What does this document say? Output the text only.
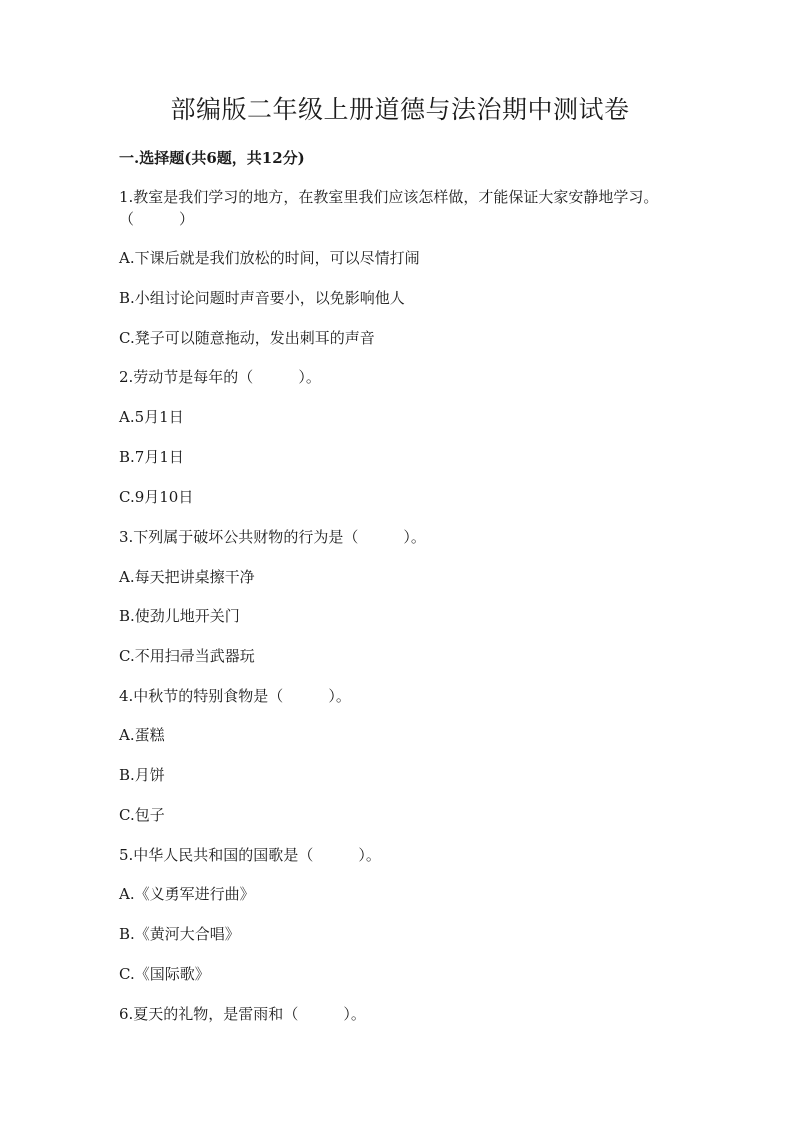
部编版二年级上册道德与法治期中测试卷
一.选择题(共6题，共12分)
1.教室是我们学习的地方，在教室里我们应该怎样做，才能保证大家安静地学习。（　　　）
A.下课后就是我们放松的时间，可以尽情打闹
B.小组讨论问题时声音要小，以免影响他人
C.凳子可以随意拖动，发出刺耳的声音
2.劳动节是每年的（　　　）。
A.5月1日
B.7月1日
C.9月10日
3.下列属于破坏公共财物的行为是（　　　）。
A.每天把讲桌擦干净
B.使劲儿地开关门
C.不用扫帚当武器玩
4.中秋节的特别食物是（　　　）。
A.蛋糕
B.月饼
C.包子
5.中华人民共和国的国歌是（　　　）。
A.《义勇军进行曲》
B.《黄河大合唱》
C.《国际歌》
6.夏天的礼物，是雷雨和（　　　）。
